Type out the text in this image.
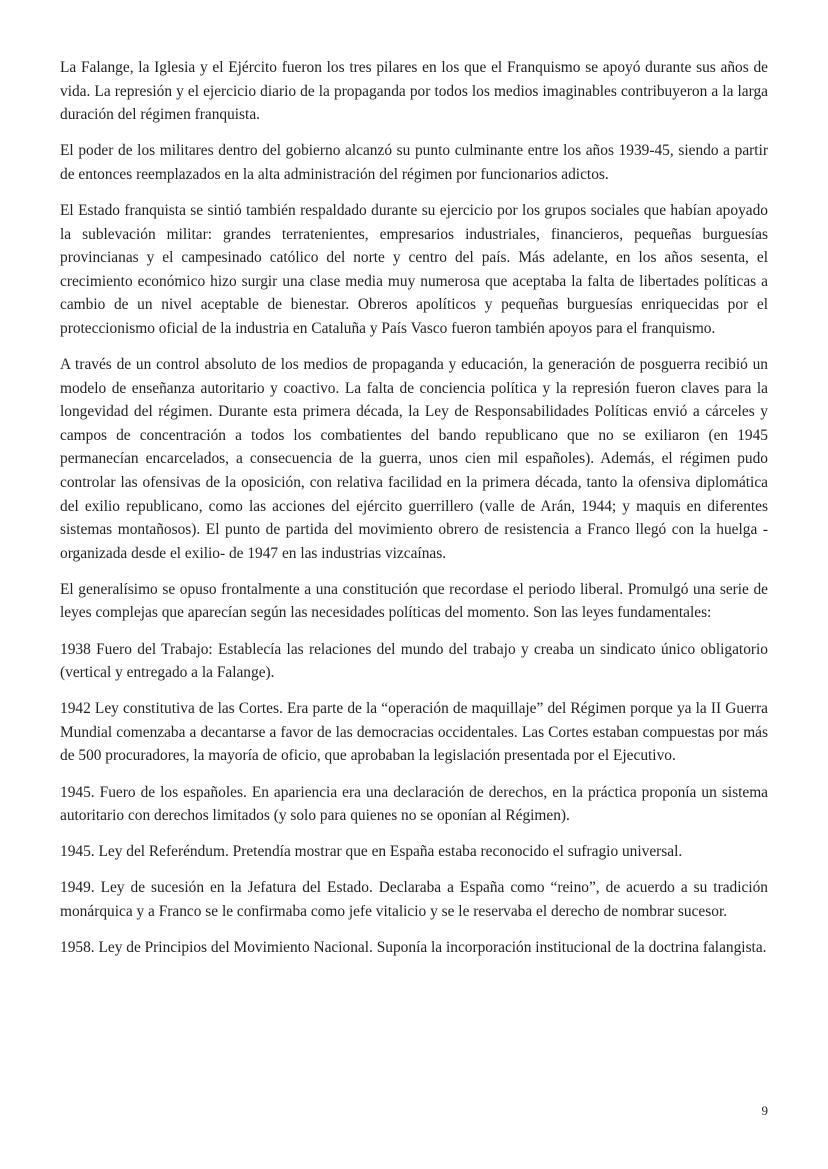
La Falange, la Iglesia y el Ejército fueron los tres pilares en los que el Franquismo se apoyó durante sus años de vida. La represión y el ejercicio diario de la propaganda por todos los medios imaginables contribuyeron a la larga duración del régimen franquista.

El poder de los militares dentro del gobierno alcanzó su punto culminante entre los años 1939-45, siendo a partir de entonces reemplazados en la alta administración del régimen por funcionarios adictos.

El Estado franquista se sintió también respaldado durante su ejercicio por los grupos sociales que habían apoyado la sublevación militar: grandes terratenientes, empresarios industriales, financieros, pequeñas burguesías provincianas y el campesinado católico del norte y centro del país. Más adelante, en los años sesenta, el crecimiento económico hizo surgir una clase media muy numerosa que aceptaba la falta de libertades políticas a cambio de un nivel aceptable de bienestar. Obreros apolíticos y pequeñas burguesías enriquecidas por el proteccionismo oficial de la industria en Cataluña y País Vasco fueron también apoyos para el franquismo.

A través de un control absoluto de los medios de propaganda y educación, la generación de posguerra recibió un modelo de enseñanza autoritario y coactivo. La falta de conciencia política y la represión fueron claves para la longevidad del régimen. Durante esta primera década, la Ley de Responsabilidades Políticas envió a cárceles y campos de concentración a todos los combatientes del bando republicano que no se exiliaron (en 1945 permanecían encarcelados, a consecuencia de la guerra, unos cien mil españoles). Además, el régimen pudo controlar las ofensivas de la oposición, con relativa facilidad en la primera década, tanto la ofensiva diplomática del exilio republicano, como las acciones del ejército guerrillero (valle de Arán, 1944; y maquis en diferentes sistemas montañosos). El punto de partida del movimiento obrero de resistencia a Franco llegó con la huelga -organizada desde el exilio- de 1947 en las industrias vizcaínas.

El generalísimo se opuso frontalmente a una constitución que recordase el periodo liberal. Promulgó una serie de leyes complejas que aparecían según las necesidades políticas del momento. Son las leyes fundamentales:

1938 Fuero del Trabajo: Establecía las relaciones del mundo del trabajo y creaba un sindicato único obligatorio (vertical y entregado a la Falange).

1942 Ley constitutiva de las Cortes. Era parte de la “operación de maquillaje” del Régimen porque ya la II Guerra Mundial comenzaba a decantarse a favor de las democracias occidentales. Las Cortes estaban compuestas por más de 500 procuradores, la mayoría de oficio, que aprobaban la legislación presentada por el Ejecutivo.

1945. Fuero de los españoles. En apariencia era una declaración de derechos, en la práctica proponía un sistema autoritario con derechos limitados (y solo para quienes no se oponían al Régimen).

1945. Ley del Referéndum. Pretendía mostrar que en España estaba reconocido el sufragio universal.

1949. Ley de sucesión en la Jefatura del Estado. Declaraba a España como “reino”, de acuerdo a su tradición monárquica y a Franco se le confirmaba como jefe vitalicio y se le reservaba el derecho de nombrar sucesor.

1958. Ley de Principios del Movimiento Nacional. Suponía la incorporación institucional de la doctrina falangista.

9
